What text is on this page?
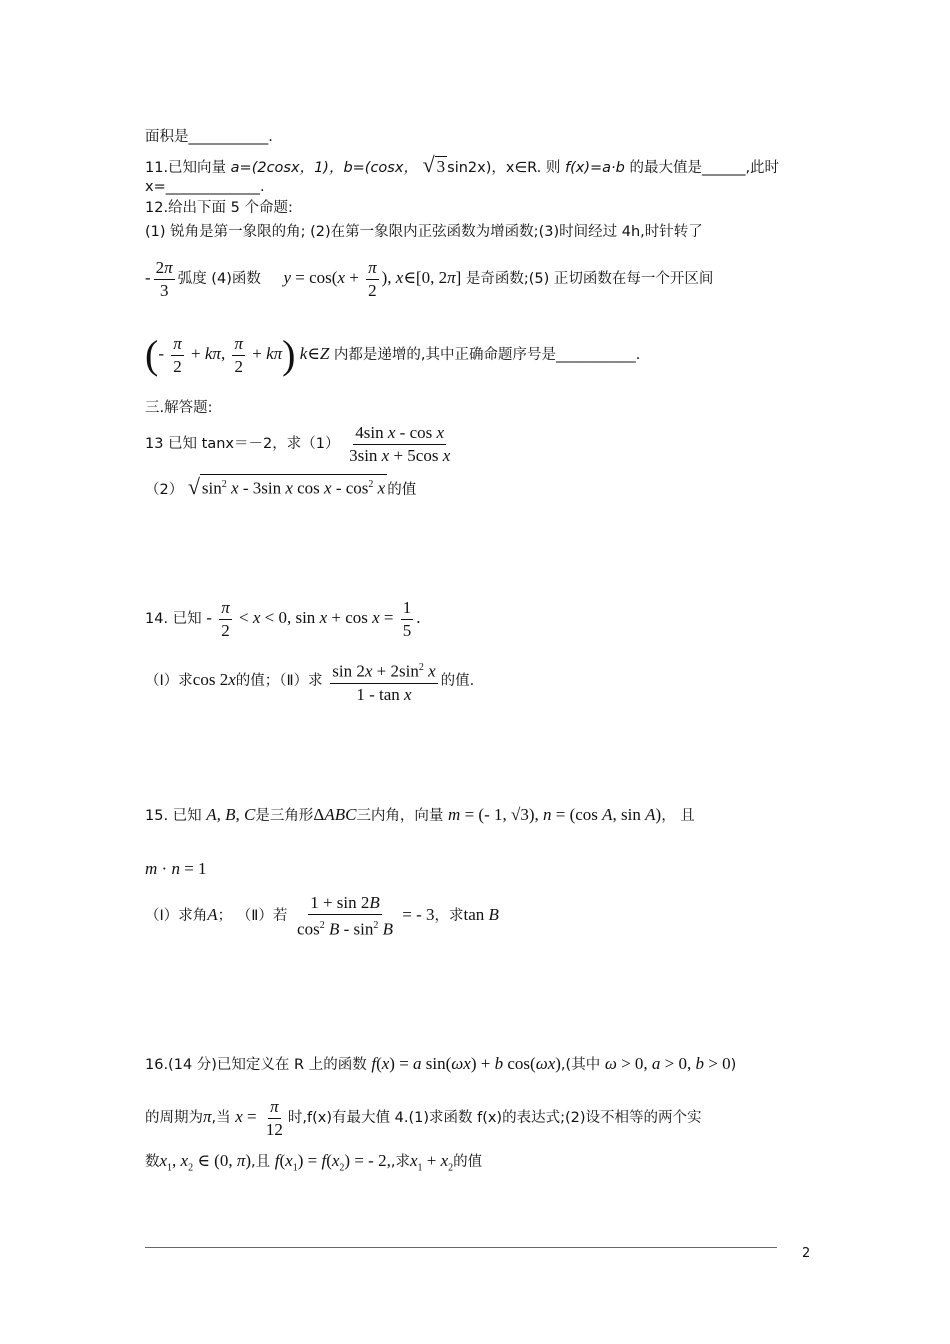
面积是___________.
11.已知向量 a=(2cosx，1)，b=(cosx， √ 3 sin2x)，x∈R. 则 f(x)=a·b 的最大值是______,此时
x=_____________.
12.给出下面 5 个命题:
(1) 锐角是第一象限的角; (2)在第一象限内正弦函数为增函数;(3)时间经过 4h,时针转了
- $\frac{2\pi}{3}$ 弧度 (4)函数 $y = \cos(x + \frac{\pi}{2}$ ), x∈[0, 2π] 是奇函数;(5) 正切函数在每一个开区间
(- $\frac{\pi}{2} + k\pi$, $\frac{\pi}{2} + k\pi$) k∈Z 内都是递增的,其中正确命题序号是___________.
三.解答题:
13 已知 tanx＝－2，求$(1) \frac{\text{4sin x - cos x}}{\text{3sin x + 5cos x}}$
（2） √ $\sin^2 x - 3\sin$ x cos x - $\cos^2 x$ 的值
14. 已知 - $\frac{\pi}{2} < x < 0$, $\sin x + \cos x = \frac{1}{5}$ .
（Ⅰ）求cos 2x的值；（Ⅱ）求 $\frac{\sin 2x + 2\sin^2 x}{\text{1 - tan x}}$ 的值.
15. 已知 A, B, C是三角形ΔABC三内角，向量 m = (- 1, √3), n = (cos A, sin A)， 且
m · n = 1
（Ⅰ）求角A； （Ⅱ）若 $\frac{1 + \sin 2B}{\cos^2 B - \sin^2 B}$ = - 3，求tan B
16.(14 分)已知定义在 R 上的函数 f(x) = a sin(ωx) + b cos(ωx),(其中 ω > 0, a > 0, b > 0)
的周期为π,当 $x = \frac{\pi}{12}$ 时,f(x)有最大值 4.(1)求函数 f(x)的表达式;(2)设不相等的两个实
数$x_1$, $x_2$ ∈ (0, π),且 $f(x_1) = f(x_2)$ = - 2,,求$x_1 + x_2$的值
2
